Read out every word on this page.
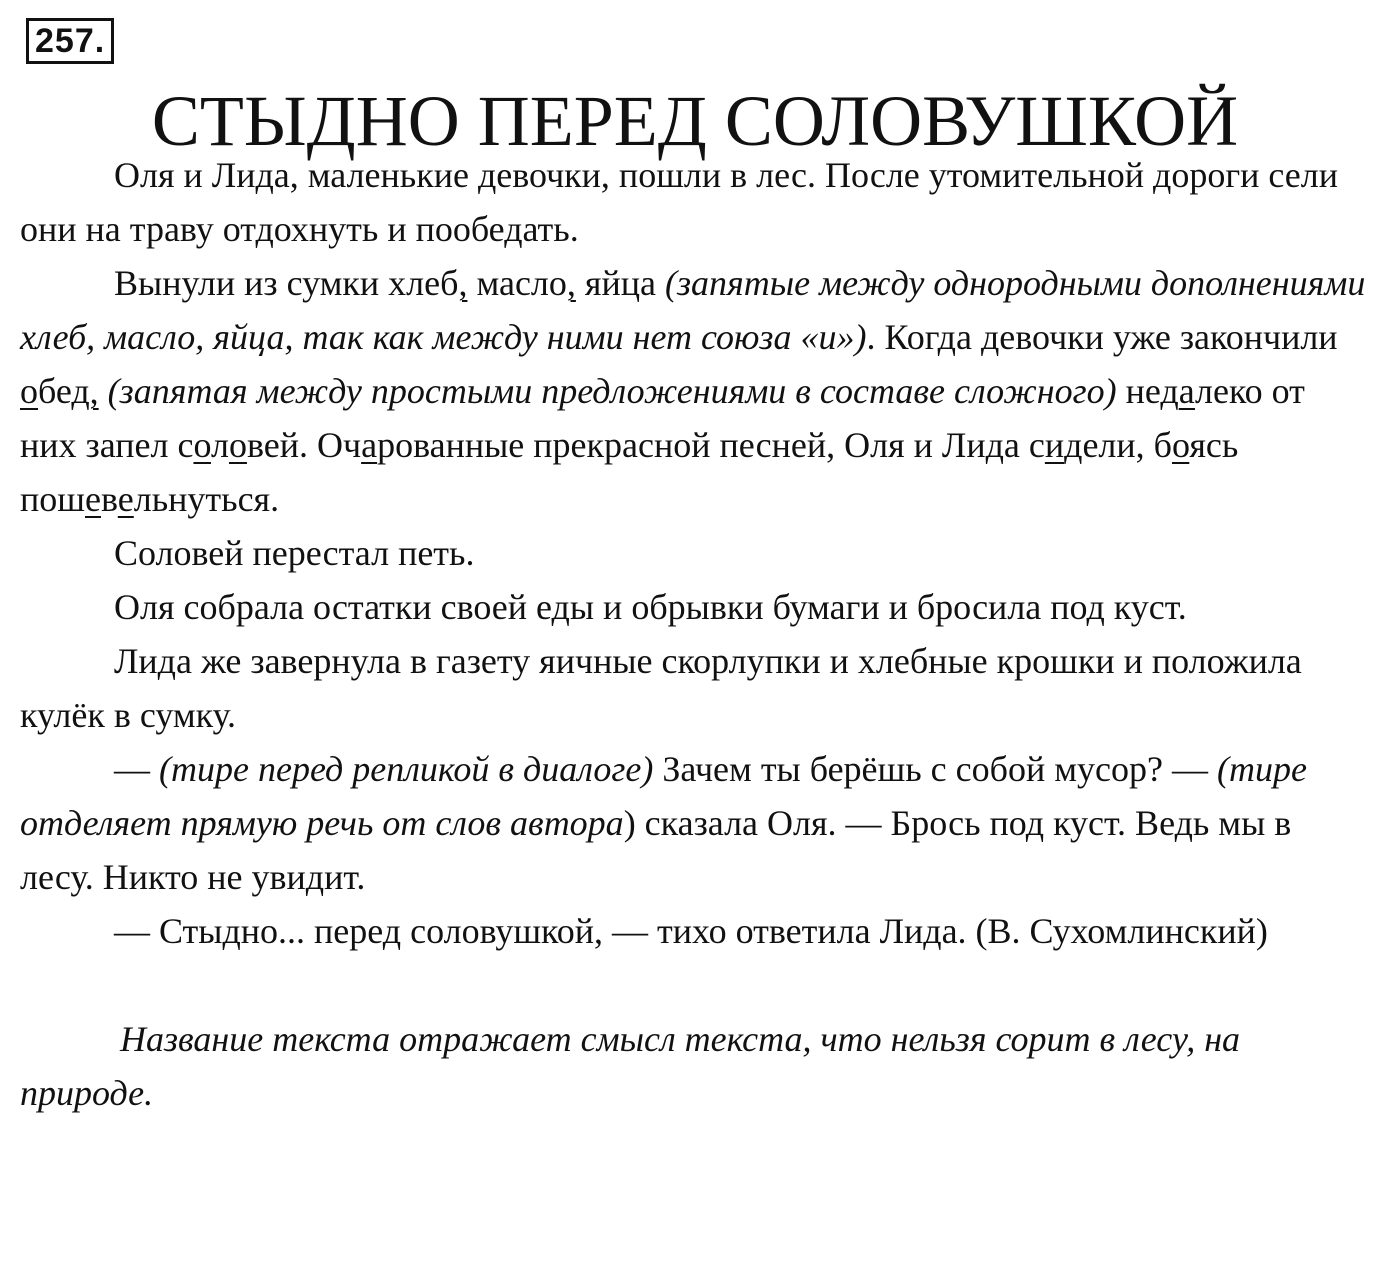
257.
СТЫДНО ПЕРЕД СОЛОВУШКОЙ

Оля и Лида, маленькие девочки, пошли в лес. После утомительной дороги сели они на траву отдохнуть и пообедать.

Вынули из сумки хлеб, масло, яйца (запятые между однородными дополнениями хлеб, масло, яйца, так как между ними нет союза «и»). Когда девочки уже закончили обед, (запятая между простыми предложениями в составе сложного) недалеко от них запел соловей. Очарованные прекрасной песней, Оля и Лида сидели, боясь пошевельнуться.

Соловей перестал петь.

Оля собрала остатки своей еды и обрывки бумаги и бросила под куст.

Лида же завернула в газету яичные скорлупки и хлебные крошки и положила кулёк в сумку.

— (тире перед репликой в диалоге) Зачем ты берёшь с собой мусор? — (тире отделяет прямую речь от слов автора) сказала Оля. — Брось под куст. Ведь мы в лесу. Никто не увидит.

— Стыдно... перед соловушкой, — тихо ответила Лида. (В. Сухомлинский)

Название текста отражает смысл текста, что нельзя сорит в лесу, на природе.
